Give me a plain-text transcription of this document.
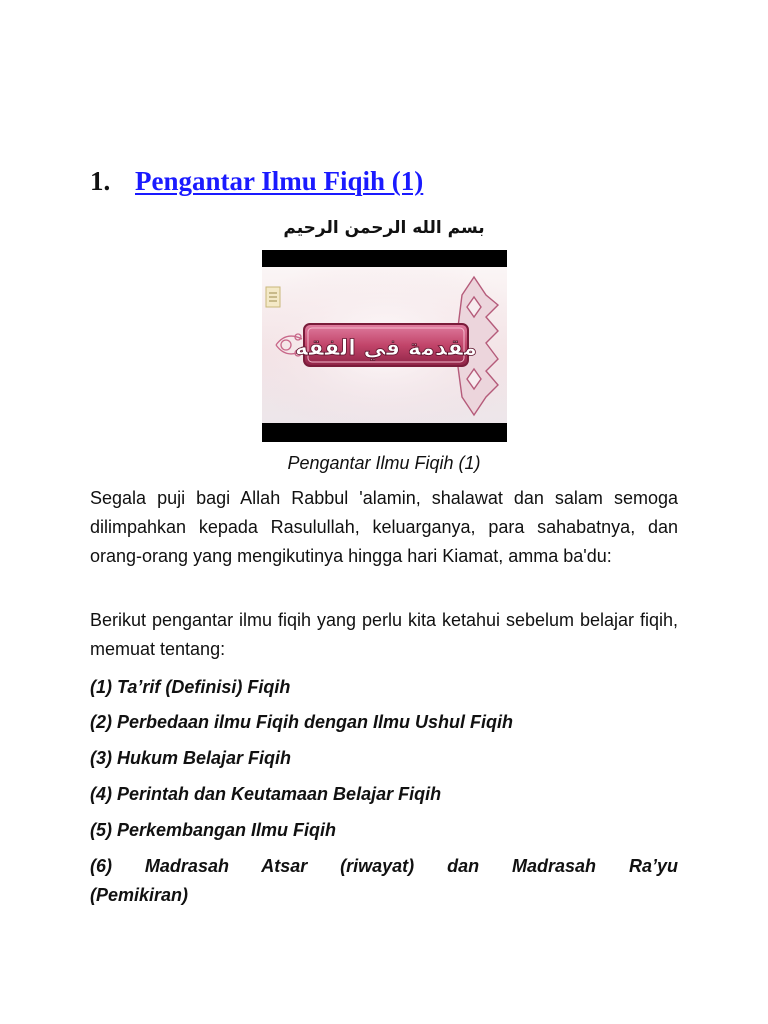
1. Pengantar Ilmu Fiqih (1)
بسم الله الرحمن الرحيم
مقدمة في الفقه
Pengantar Ilmu Fiqih (1)
Segala puji bagi Allah Rabbul 'alamin, shalawat dan salam semoga dilimpahkan kepada Rasulullah, keluarganya, para sahabatnya, dan orang-orang yang mengikutinya hingga hari Kiamat, amma ba'du:
Berikut pengantar ilmu fiqih yang perlu kita ketahui sebelum belajar fiqih, memuat tentang:
(1) Ta’rif (Definisi) Fiqih
(2) Perbedaan ilmu Fiqih dengan Ilmu Ushul Fiqih
(3) Hukum Belajar Fiqih
(4) Perintah dan Keutamaan Belajar Fiqih
(5) Perkembangan Ilmu Fiqih
(6) Madrasah Atsar (riwayat) dan Madrasah Ra’yu
(Pemikiran)
